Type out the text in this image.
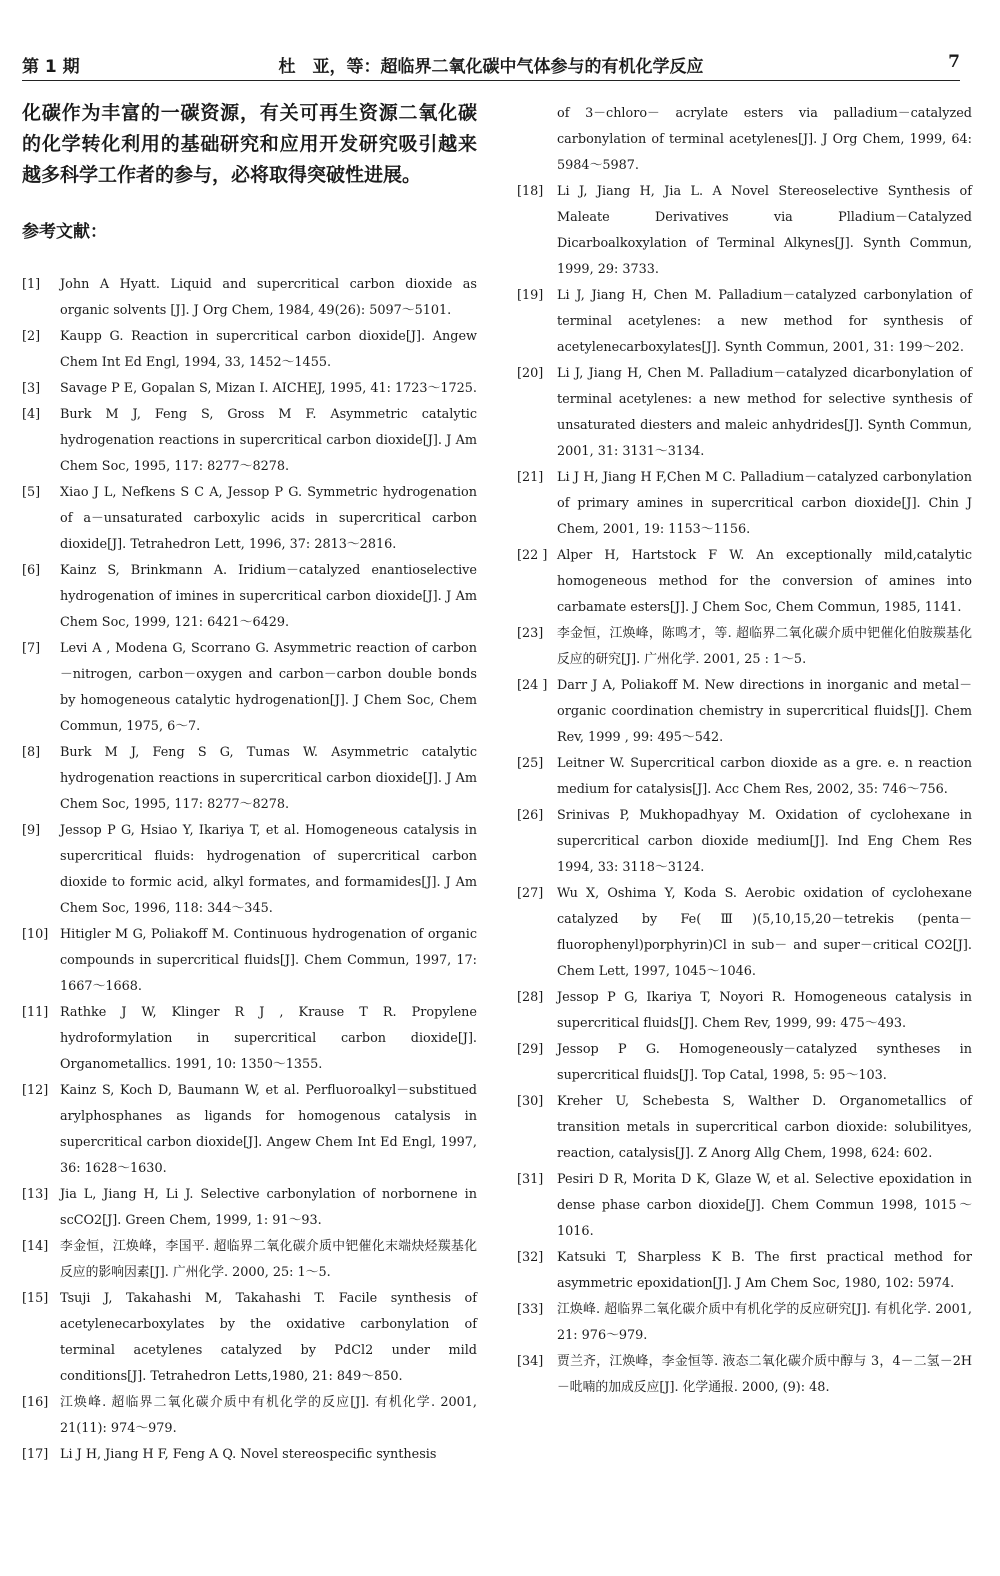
第 1 期	杜　亚，等：超临界二氧化碳中气体参与的有机化学反应	7

化碳作为丰富的一碳资源，有关可再生资源二氧化碳的化学转化利用的基础研究和应用开发研究吸引越来越多科学工作者的参与，必将取得突破性进展。

参考文献：
[1]	John A Hyatt. Liquid and supercritical carbon dioxide as organic solvents [J]. J Org Chem, 1984, 49(26): 5097～5101.
[2]	Kaupp G. Reaction in supercritical carbon dioxide[J]. Angew Chem Int Ed Engl, 1994, 33, 1452～1455.
[3]	Savage P E, Gopalan S, Mizan I. AICHEJ, 1995, 41: 1723～1725.
[4]	Burk M J, Feng S, Gross M F. Asymmetric catalytic hydrogenation reactions in supercritical carbon dioxide[J]. J Am Chem Soc, 1995, 117: 8277～8278.
[5]	Xiao J L, Nefkens S C A, Jessop P G. Symmetric hydrogenation of a－unsaturated carboxylic acids in supercritical carbon dioxide[J]. Tetrahedron Lett, 1996, 37: 2813～2816.
[6]	Kainz S, Brinkmann A. Iridium－catalyzed enantioselective hydrogenation of imines in supercritical carbon dioxide[J]. J Am Chem Soc, 1999, 121: 6421～6429.
[7]	Levi A , Modena G, Scorrano G. Asymmetric reaction of carbon－nitrogen, carbon－oxygen and carbon－carbon double bonds by homogeneous catalytic hydrogenation[J]. J Chem Soc, Chem Commun, 1975, 6～7.
[8]	Burk M J, Feng S G, Tumas W. Asymmetric catalytic hydrogenation reactions in supercritical carbon dioxide[J]. J Am Chem Soc, 1995, 117: 8277～8278.
[9]	Jessop P G, Hsiao Y, Ikariya T, et al. Homogeneous catalysis in supercritical fluids: hydrogenation of supercritical carbon dioxide to formic acid, alkyl formates, and formamides[J]. J Am Chem Soc, 1996, 118: 344～345.
[10] Hitigler M G, Poliakoff M. Continuous hydrogenation of organic compounds in supercritical fluids[J]. Chem Commun, 1997, 17: 1667～1668.
[11] Rathke J W, Klinger R J , Krause T R. Propylene hydroformylation in supercritical carbon dioxide[J]. Organometallics. 1991, 10: 1350～1355.
[12] Kainz S, Koch D, Baumann W, et al. Perfluoroalkyl－substitued arylphosphanes as ligands for homogenous catalysis in supercritical carbon dioxide[J]. Angew Chem Int Ed Engl, 1997, 36: 1628～1630.
[13] Jia L, Jiang H, Li J. Selective carbonylation of norbornene in scCO2[J]. Green Chem, 1999, 1: 91～93.
[14] 李金恒，江焕峰，李国平. 超临界二氧化碳介质中钯催化末端炔烃羰基化反应的影响因素[J]. 广州化学. 2000, 25: 1～5.
[15] Tsuji J, Takahashi M, Takahashi T. Facile synthesis of acetylenecarboxylates by the oxidative carbonylation of terminal acetylenes catalyzed by PdCl2 under mild conditions[J]. Tetrahedron Letts,1980, 21: 849～850.
[16] 江焕峰. 超临界二氧化碳介质中有机化学的反应[J]. 有机化学. 2001, 21(11): 974～979.
[17] Li J H, Jiang H F, Feng A Q. Novel stereospecific synthesis
of 3－chloro－ acrylate esters via palladium－catalyzed carbonylation of terminal acetylenes[J]. J Org Chem, 1999, 64: 5984～5987.
[18]	Li J, Jiang H, Jia L. A Novel Stereoselective Synthesis of Maleate Derivatives via Plladium－Catalyzed Dicarboalkoxylation of Terminal Alkynes[J]. Synth Commun, 1999, 29: 3733.
[19]	Li J, Jiang H, Chen M. Palladium－catalyzed carbonylation of terminal acetylenes: a new method for synthesis of acetylenecarboxylates[J]. Synth Commun, 2001, 31: 199～202.
[20]	Li J, Jiang H, Chen M. Palladium－catalyzed dicarbonylation of terminal acetylenes: a new method for selective synthesis of unsaturated diesters and maleic anhydrides[J]. Synth Commun, 2001, 31: 3131～3134.
[21]	Li J H, Jiang H F,Chen M C. Palladium－catalyzed carbonylation of primary amines in supercritical carbon dioxide[J]. Chin J Chem, 2001, 19: 1153～1156.
[22 ] Alper H, Hartstock F W. An exceptionally mild,catalytic homogeneous method for the conversion of amines into carbamate esters[J]. J Chem Soc, Chem Commun, 1985, 1141.
[23]	李金恒，江焕峰，陈鸣才，等. 超临界二氧化碳介质中钯催化伯胺羰基化反应的研究[J]. 广州化学. 2001, 25 : 1～5.
[24 ] Darr J A, Poliakoff M. New directions in inorganic and metal－organic coordination chemistry in supercritical fluids[J]. Chem Rev, 1999 , 99: 495～542.
[25]	Leitner W. Supercritical carbon dioxide as a gre. e. n reaction medium for catalysis[J]. Acc Chem Res, 2002, 35: 746～756.
[26]	Srinivas P, Mukhopadhyay M. Oxidation of cyclohexane in supercritical carbon dioxide medium[J]. Ind Eng Chem Res 1994, 33: 3118～3124.
[27]	Wu X, Oshima Y, Koda S. Aerobic oxidation of cyclohexane catalyzed by Fe(Ⅲ)(5,10,15,20－tetrekis (penta－ fluorophenyl)porphyrin)Cl in sub－ and super－critical CO2[J]. Chem Lett, 1997, 1045～1046.
[28]	Jessop P G, Ikariya T, Noyori R. Homogeneous catalysis in supercritical fluids[J]. Chem Rev, 1999, 99: 475～493.
[29]	Jessop P G. Homogeneously－catalyzed syntheses in supercritical fluids[J]. Top Catal, 1998, 5: 95～103.
[30]	Kreher U, Schebesta S, Walther D. Organometallics of transition metals in supercritical carbon dioxide: solubilityes, reaction, catalysis[J]. Z Anorg Allg Chem, 1998, 624: 602.
[31]	Pesiri D R, Morita D K, Glaze W, et al. Selective epoxidation in dense phase carbon dioxide[J]. Chem Commun 1998, 1015～1016.
[32]	Katsuki T, Sharpless K B. The first practical method for asymmetric epoxidation[J]. J Am Chem Soc, 1980, 102: 5974.
[33]	江焕峰. 超临界二氧化碳介质中有机化学的反应研究[J]. 有机化学. 2001, 21: 976～979.
[34]	贾兰齐，江焕峰，李金恒等. 液态二氧化碳介质中醇与 3，4－二氢－2H－吡喃的加成反应[J]. 化学通报. 2000, (9): 48.
